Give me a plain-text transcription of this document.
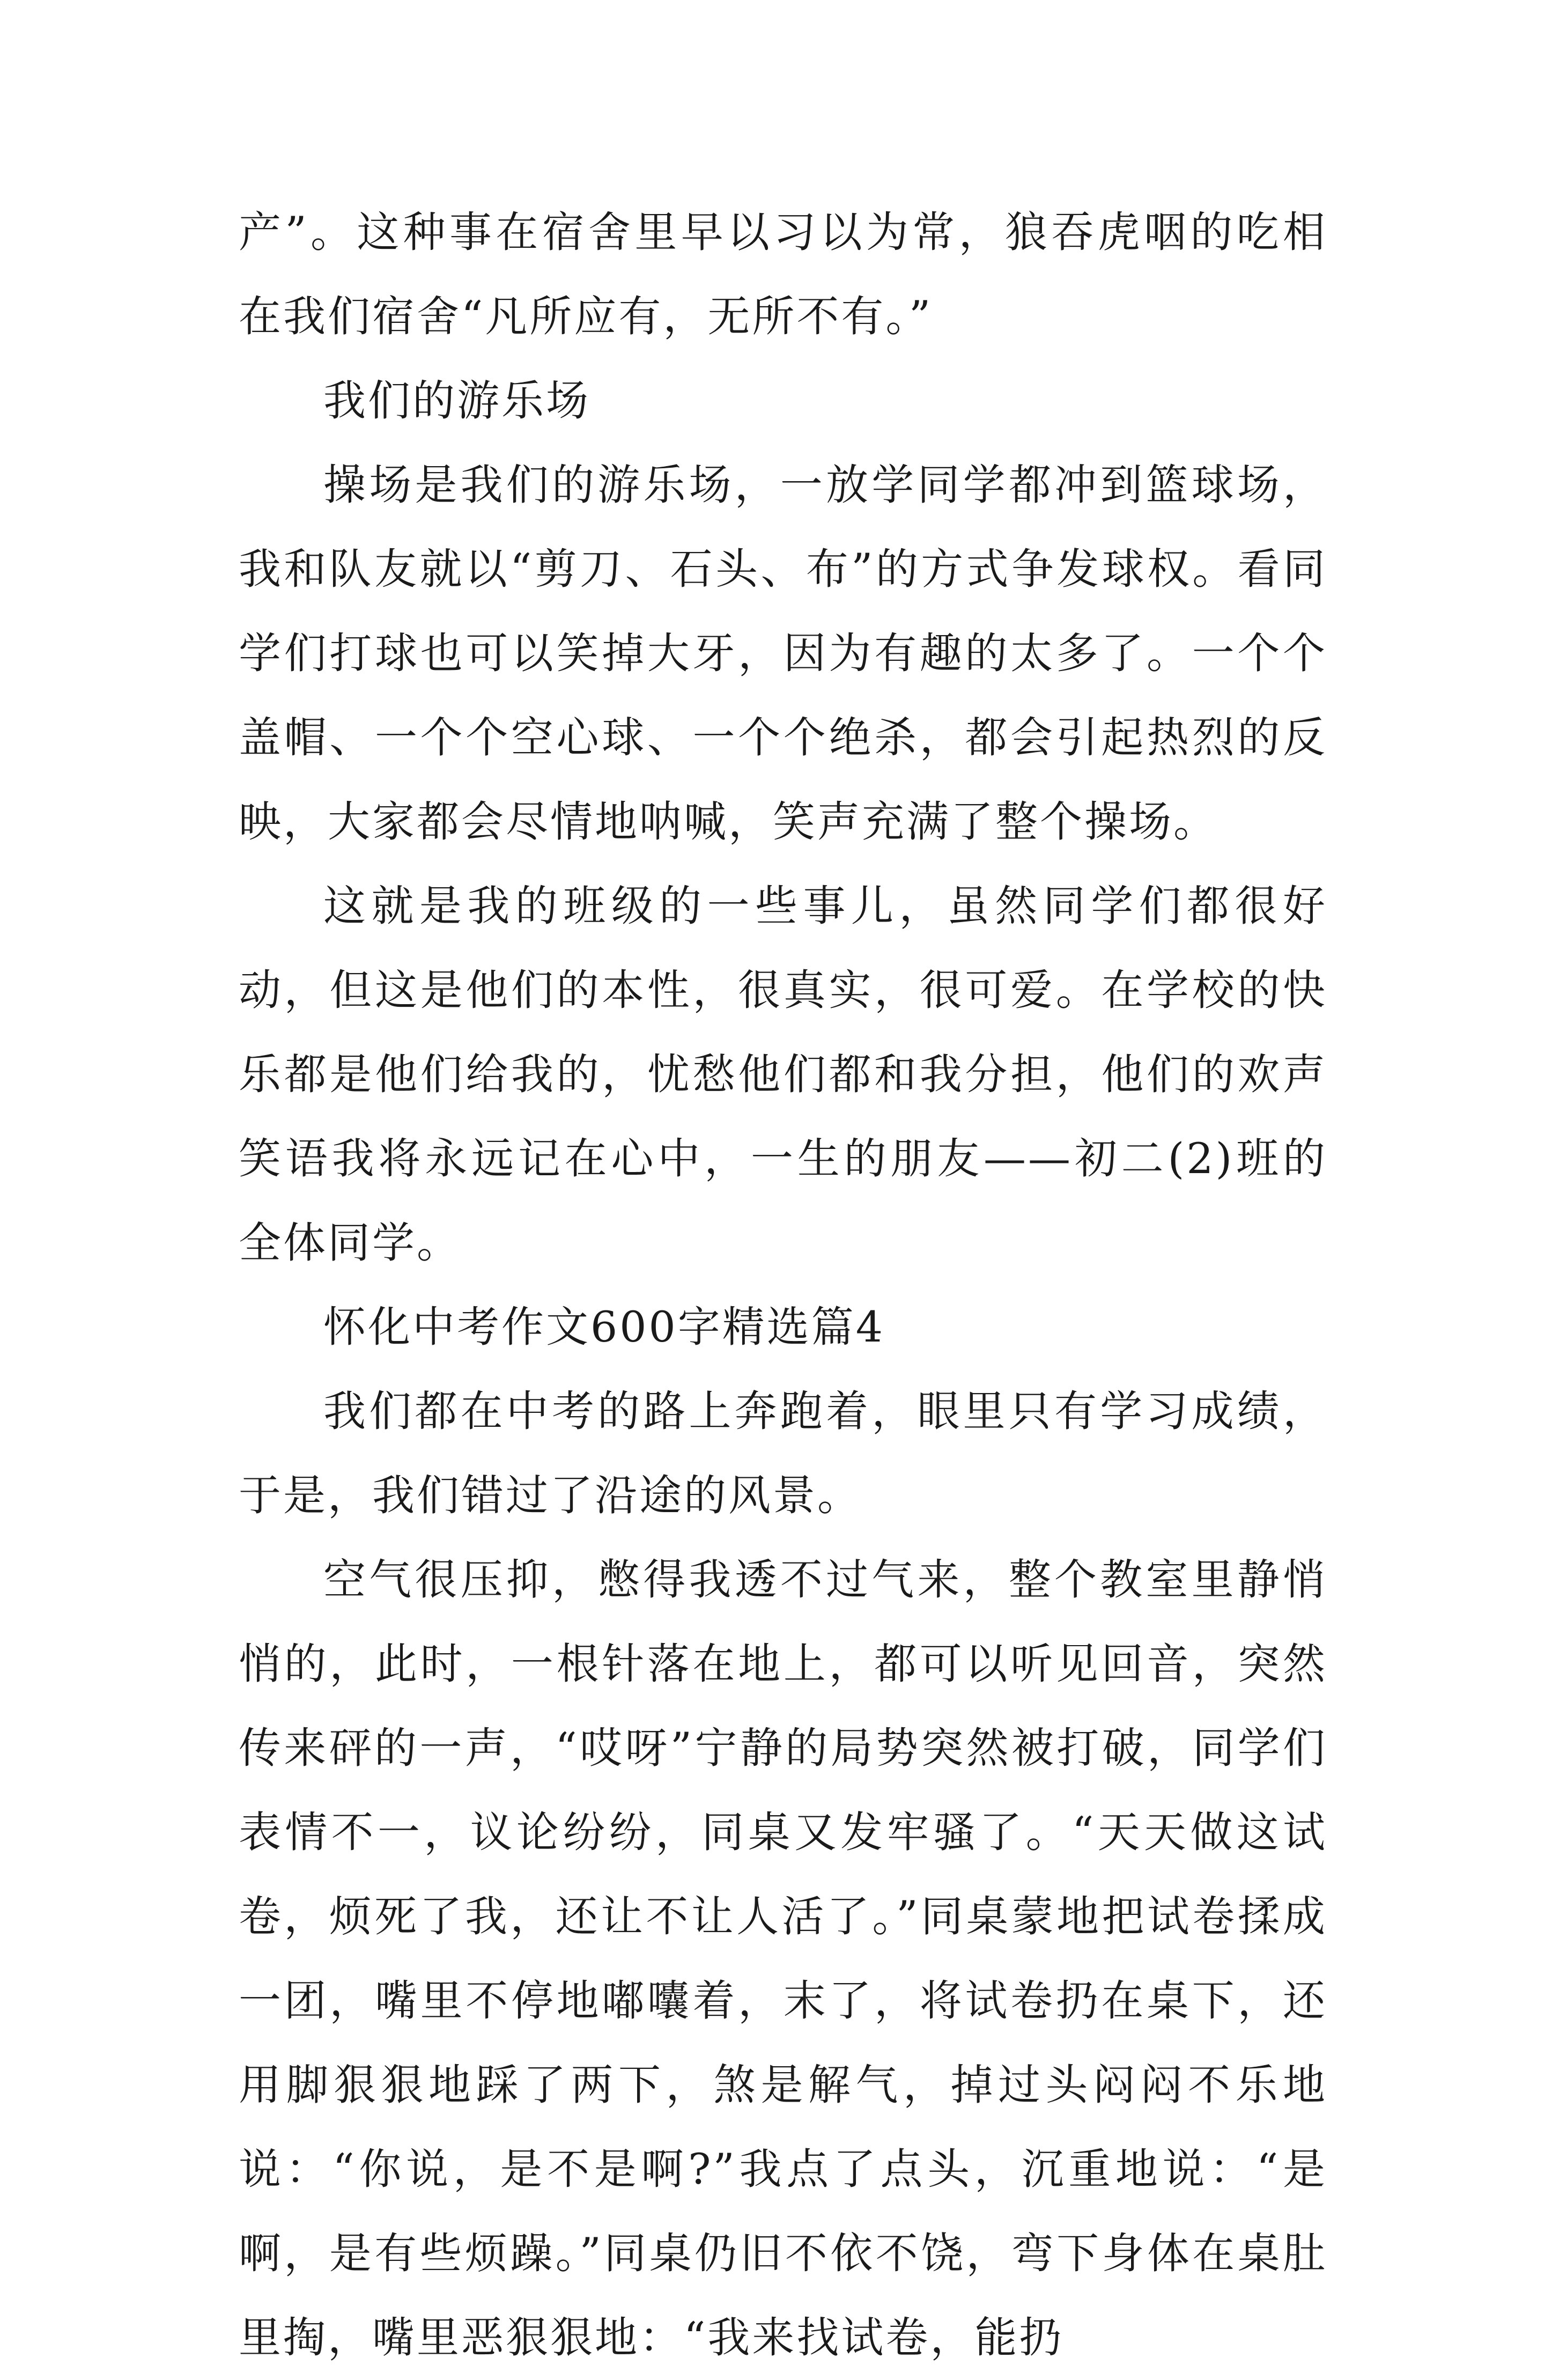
产”。这种事在宿舍里早以习以为常，狼吞虎咽的吃相在我们宿舍“凡所应有，无所不有。”

我们的游乐场

操场是我们的游乐场，一放学同学都冲到篮球场，我和队友就以“剪刀、石头、布”的方式争发球权。看同学们打球也可以笑掉大牙，因为有趣的太多了。一个个盖帽、一个个空心球、一个个绝杀，都会引起热烈的反映，大家都会尽情地呐喊，笑声充满了整个操场。

这就是我的班级的一些事儿，虽然同学们都很好动，但这是他们的本性，很真实，很可爱。在学校的快乐都是他们给我的，忧愁他们都和我分担，他们的欢声笑语我将永远记在心中，一生的朋友——初二(2)班的全体同学。

怀化中考作文600字精选篇4

我们都在中考的路上奔跑着，眼里只有学习成绩，于是，我们错过了沿途的风景。

空气很压抑，憋得我透不过气来，整个教室里静悄悄的，此时，一根针落在地上，都可以听见回音，突然传来砰的一声，“哎呀”宁静的局势突然被打破，同学们表情不一，议论纷纷，同桌又发牢骚了。“天天做这试卷，烦死了我，还让不让人活了。”同桌蒙地把试卷揉成一团，嘴里不停地嘟囔着，末了，将试卷扔在桌下，还用脚狠狠地踩了两下，煞是解气，掉过头闷闷不乐地说：“你说，是不是啊?”我点了点头，沉重地说：“是啊，是有些烦躁。”同桌仍旧不依不饶，弯下身体在桌肚里掏，嘴里恶狠狠地：“我来找试卷，能扔
